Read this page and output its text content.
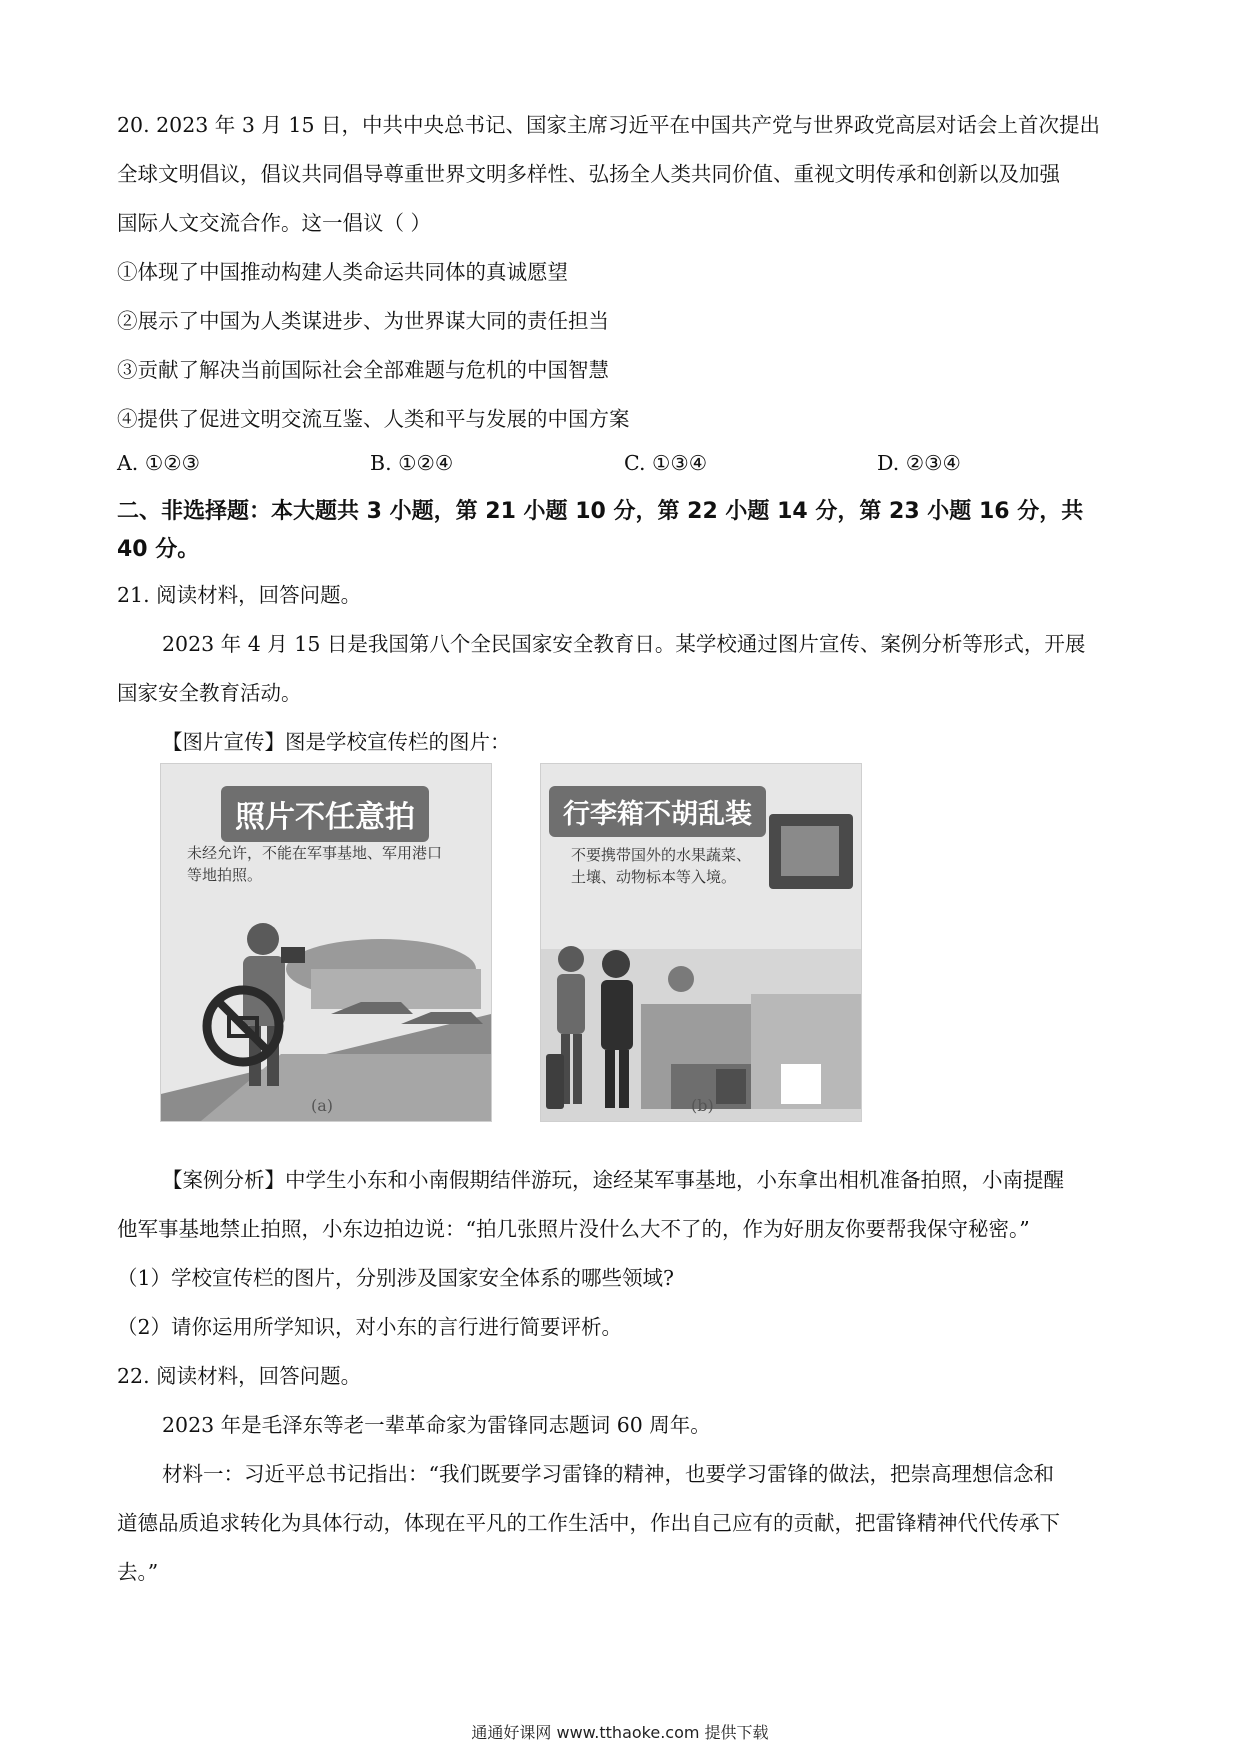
20. 2023 年 3 月 15 日，中共中央总书记、国家主席习近平在中国共产党与世界政党高层对话会上首次提出
全球文明倡议，倡议共同倡导尊重世界文明多样性、弘扬全人类共同价值、重视文明传承和创新以及加强
国际人文交流合作。这一倡议（ ）
①体现了中国推动构建人类命运共同体的真诚愿望
②展示了中国为人类谋进步、为世界谋大同的责任担当
③贡献了解决当前国际社会全部难题与危机的中国智慧
④提供了促进文明交流互鉴、人类和平与发展的中国方案
A. ①②③	B. ①②④	C. ①③④	D. ②③④
二、非选择题：本大题共 3 小题，第 21 小题 10 分，第 22 小题 14 分，第 23 小题 16 分，共
40 分。
21. 阅读材料，回答问题。
2023 年 4 月 15 日是我国第八个全民国家安全教育日。某学校通过图片宣传、案例分析等形式，开展
国家安全教育活动。
【图片宣传】图是学校宣传栏的图片：
照片不任意拍
未经允许，不能在军事基地、军用港口
等地拍照。
(a)
行李箱不胡乱装
不要携带国外的水果蔬菜、
土壤、动物标本等入境。
(b)
【案例分析】中学生小东和小南假期结伴游玩，途经某军事基地，小东拿出相机准备拍照，小南提醒
他军事基地禁止拍照，小东边拍边说：“拍几张照片没什么大不了的，作为好朋友你要帮我保守秘密。”
（1）学校宣传栏的图片，分别涉及国家安全体系的哪些领域?
（2）请你运用所学知识，对小东的言行进行简要评析。
22. 阅读材料，回答问题。
2023 年是毛泽东等老一辈革命家为雷锋同志题词 60 周年。
材料一：习近平总书记指出：“我们既要学习雷锋的精神，也要学习雷锋的做法，把崇高理想信念和
道德品质追求转化为具体行动，体现在平凡的工作生活中，作出自己应有的贡献，把雷锋精神代代传承下
去。”
通通好课网 www.tthaoke.com 提供下载
